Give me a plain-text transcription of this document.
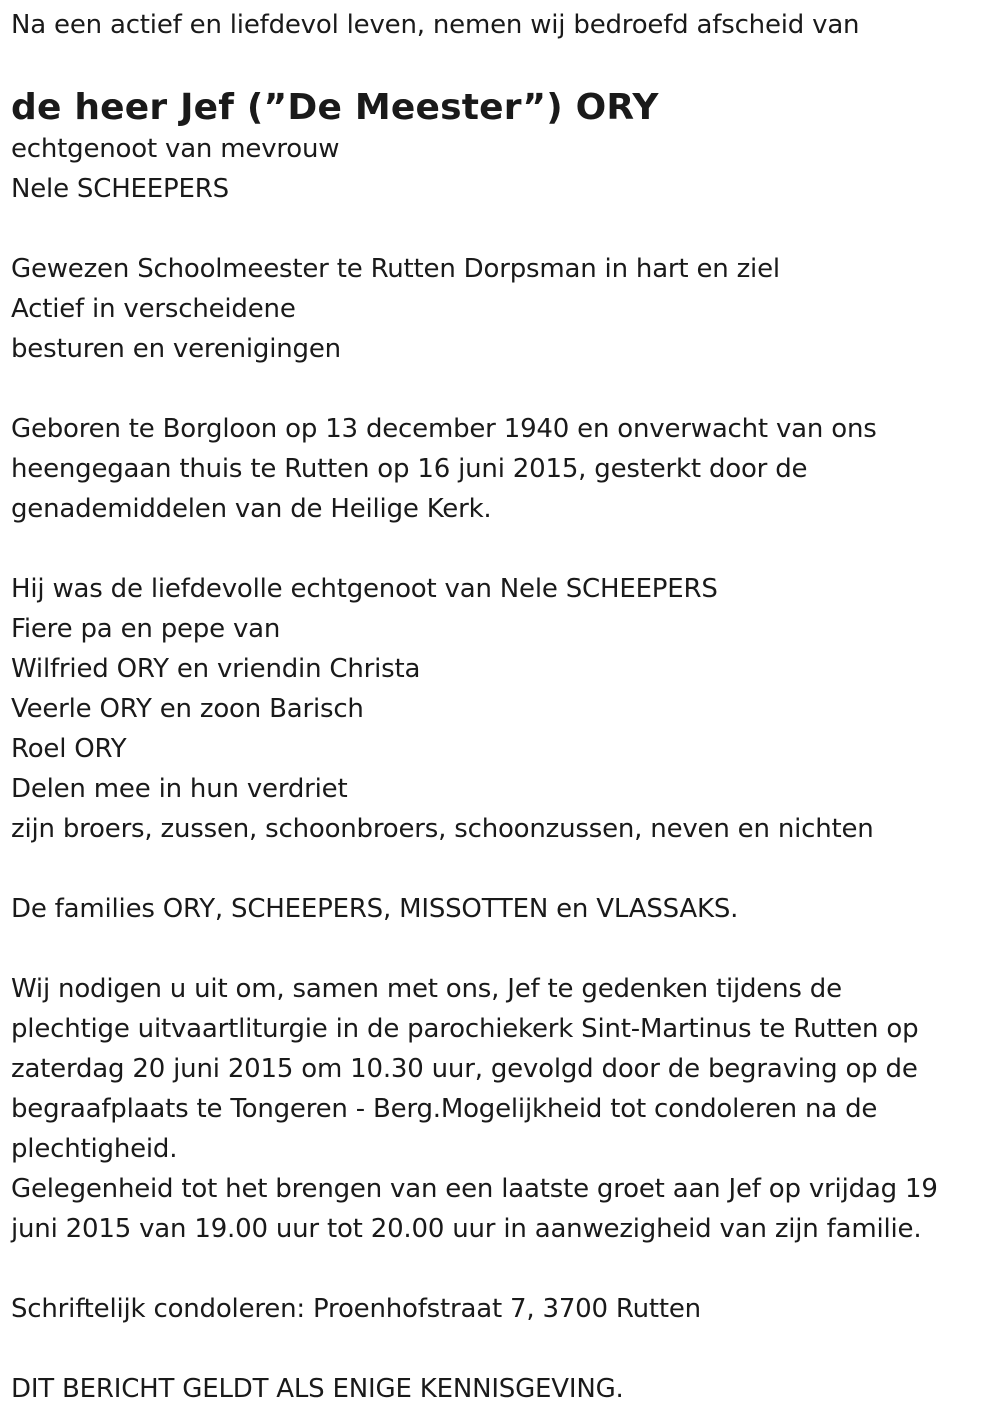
Na een actief en liefdevol leven, nemen wij bedroefd afscheid van
de heer Jef (”De Meester”) ORY
echtgenoot van mevrouw
Nele SCHEEPERS
Gewezen Schoolmeester te Rutten Dorpsman in hart en ziel
Actief in verscheidene
besturen en verenigingen
Geboren te Borgloon op 13 december 1940 en onverwacht van ons
heengegaan thuis te Rutten op 16 juni 2015, gesterkt door de
genademiddelen van de Heilige Kerk.
Hij was de liefdevolle echtgenoot van Nele SCHEEPERS
Fiere pa en pepe van
Wilfried ORY en vriendin Christa
Veerle ORY en zoon Barisch
Roel ORY
Delen mee in hun verdriet
zijn broers, zussen, schoonbroers, schoonzussen, neven en nichten
De families ORY, SCHEEPERS, MISSOTTEN en VLASSAKS.
Wij nodigen u uit om, samen met ons, Jef te gedenken tijdens de
plechtige uitvaartliturgie in de parochiekerk Sint-Martinus te Rutten op
zaterdag 20 juni 2015 om 10.30 uur, gevolgd door de begraving op de
begraafplaats te Tongeren - Berg.Mogelijkheid tot condoleren na de
plechtigheid.
Gelegenheid tot het brengen van een laatste groet aan Jef op vrijdag 19
juni 2015 van 19.00 uur tot 20.00 uur in aanwezigheid van zijn familie.
Schriftelijk condoleren: Proenhofstraat 7, 3700 Rutten
DIT BERICHT GELDT ALS ENIGE KENNISGEVING.
